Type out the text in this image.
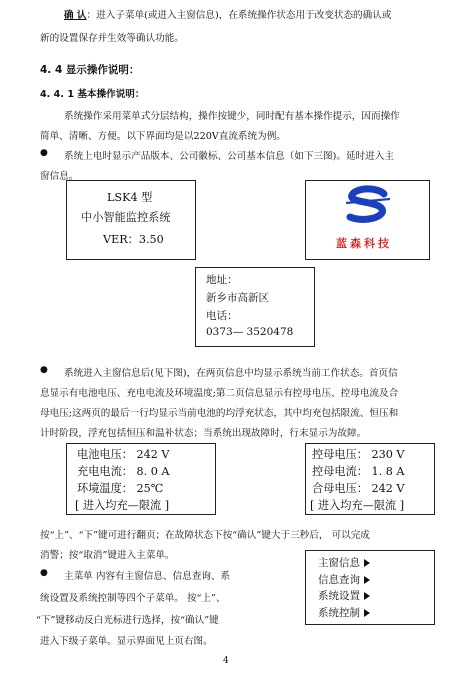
确 认：进入子菜单(或进入主窗信息)，在系统操作状态用于改变状态的确认或
新的设置保存并生效等确认功能。
4. 4 显示操作说明：
4. 4. 1 基本操作说明：
系统操作采用菜单式分层结构，操作按键少，同时配有基本操作提示，因而操作
简单、清晰、方便。以下界面均是以220V直流系统为例。
● 系统上电时显示产品版本、公司徽标、公司基本信息（如下三图)。延时进入主
窗信息。
LSK4 型
中小智能监控系统
VER：3.50	蓝森科技
地址：
新乡市高新区
电话：
0373— 3520478
● 系统进入主窗信息后(见下图)，在两页信息中均显示系统当前工作状态。首页信
息显示有电池电压、充电电流及环境温度;第二页信息显示有控母电压、控母电流及合
母电压;这两页的最后一行均显示当前电池的均浮充状态，其中均充包括限流、恒压和
计时阶段，浮充包括恒压和温补状态；当系统出现故障时，行末显示为故障。
电池电压： 242 V
充电电流： 8. 0 A
环境温度： 25℃
[ 进入均充—限流 ]
控母电压： 230 V
控母电流： 1. 8 A
合母电压： 242 V
[ 进入均充—限流 ]
按“上”、“下”键可进行翻页；在故障状态下按“确认”键大于三秒后， 可以完成
消警；按“取消”键进入主菜单。
● 主菜单 内容有主窗信息、信息查询、系
统设置及系统控制等四个子菜单。 按“上”、
“下”键移动反白光标进行选择，按“确认”键
进入下级子菜单。显示界面见上页右图。
主窗信息
信息查询
系统设置
系统控制
4
